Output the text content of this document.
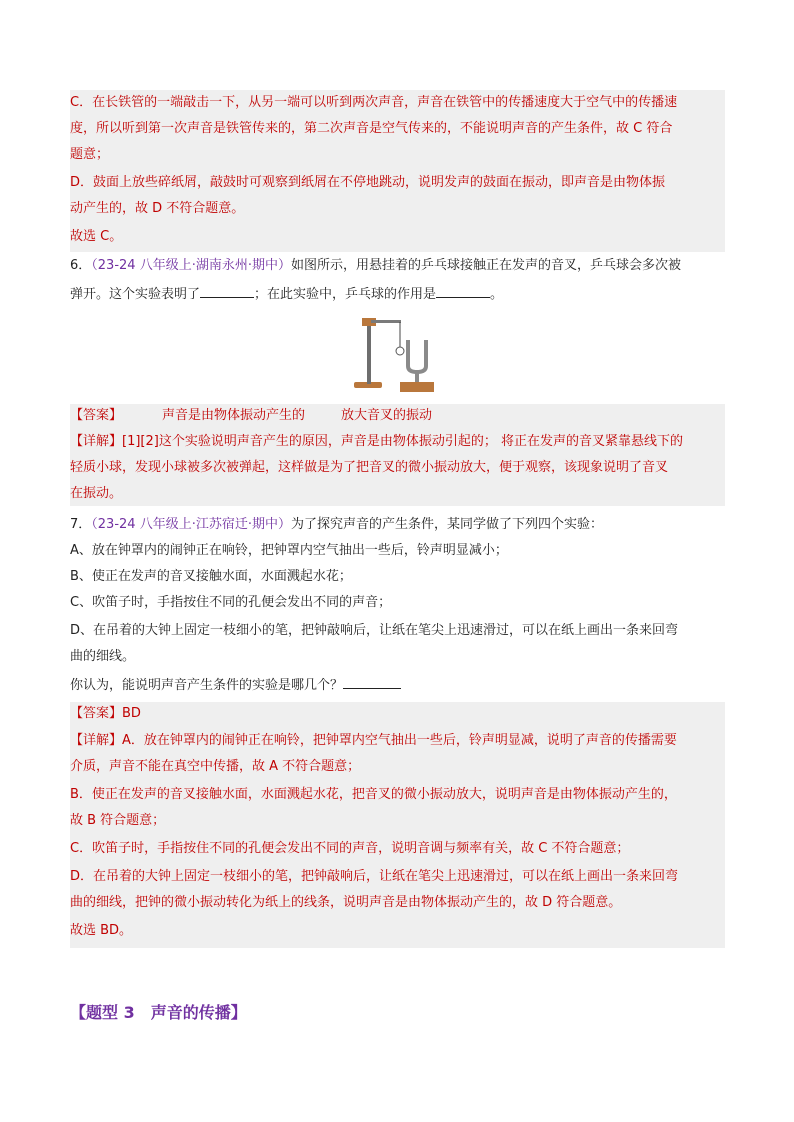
C．在长铁管的一端敲击一下，从另一端可以听到两次声音，声音在铁管中的传播速度大于空气中的传播速
度，所以听到第一次声音是铁管传来的，第二次声音是空气传来的，不能说明声音的产生条件，故 C 符合
题意；
D．鼓面上放些碎纸屑，敲鼓时可观察到纸屑在不停地跳动，说明发声的鼓面在振动，即声音是由物体振
动产生的，故 D 不符合题意。
故选 C。
6．（23-24 八年级上·湖南永州·期中）如图所示，用悬挂着的乒乓球接触正在发声的音叉，乒乓球会多次被
弹开。这个实验表明了	；在此实验中，乒乓球的作用是	。
【答案】	声音是由物体振动产生的	放大音叉的振动
【详解】[1][2]这个实验说明声音产生的原因，声音是由物体振动引起的； 将正在发声的音叉紧靠悬线下的
轻质小球，发现小球被多次被弹起，这样做是为了把音叉的微小振动放大，便于观察，该现象说明了音叉
在振动。
7．（23-24 八年级上·江苏宿迁·期中）为了探究声音的产生条件，某同学做了下列四个实验：
A、放在钟罩内的闹钟正在响铃，把钟罩内空气抽出一些后，铃声明显减小；
B、使正在发声的音叉接触水面，水面溅起水花；
C、吹笛子时，手指按住不同的孔便会发出不同的声音；
D、在吊着的大钟上固定一枝细小的笔，把钟敲响后，让纸在笔尖上迅速滑过，可以在纸上画出一条来回弯
曲的细线。
你认为，能说明声音产生条件的实验是哪几个？
【答案】BD
【详解】A．放在钟罩内的闹钟正在响铃，把钟罩内空气抽出一些后，铃声明显减，说明了声音的传播需要
介质，声音不能在真空中传播，故 A 不符合题意；
B．使正在发声的音叉接触水面，水面溅起水花，把音叉的微小振动放大，说明声音是由物体振动产生的，
故 B 符合题意；
C．吹笛子时，手指按住不同的孔便会发出不同的声音，说明音调与频率有关，故 C 不符合题意；
D．在吊着的大钟上固定一枝细小的笔，把钟敲响后，让纸在笔尖上迅速滑过，可以在纸上画出一条来回弯
曲的细线，把钟的微小振动转化为纸上的线条，说明声音是由物体振动产生的，故 D 符合题意。
故选 BD。
【题型 3　声音的传播】
